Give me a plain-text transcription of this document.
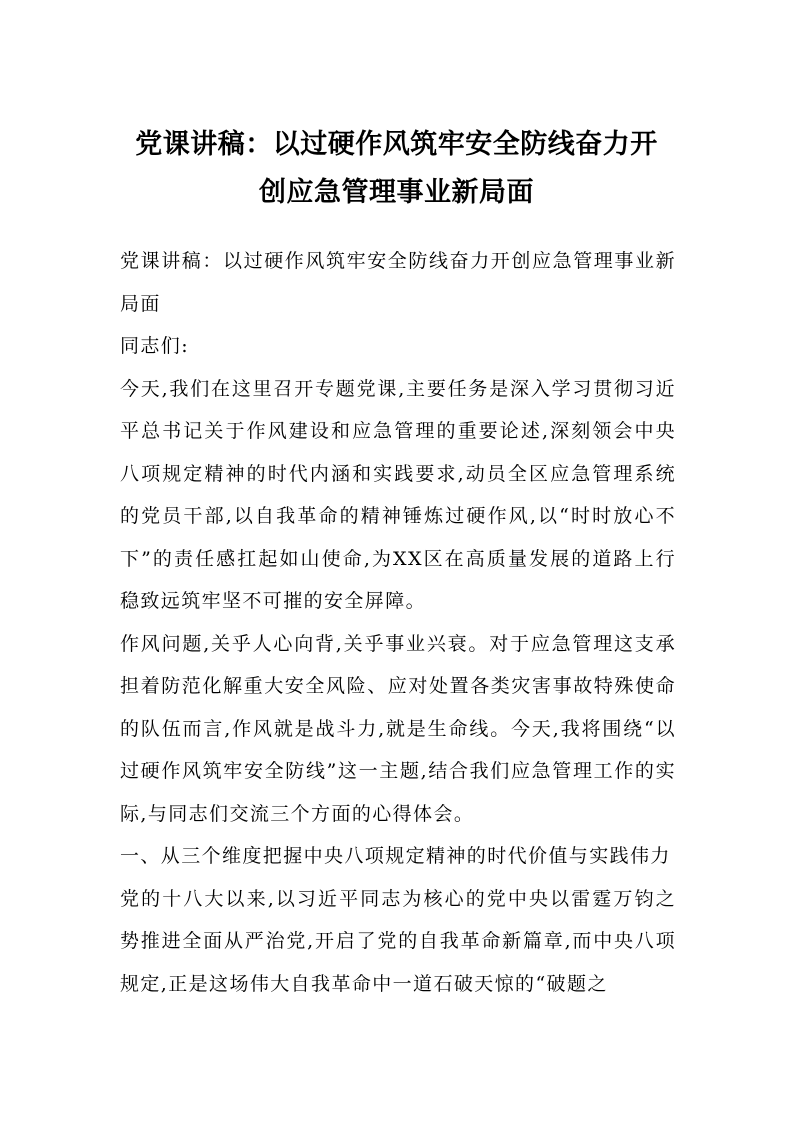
党课讲稿：以过硬作风筑牢安全防线奋力开
创应急管理事业新局面

党课讲稿：以过硬作风筑牢安全防线奋力开创应急管理事业新局面

同志们:

今天,我们在这里召开专题党课,主要任务是深入学习贯彻习近平总书记关于作风建设和应急管理的重要论述,深刻领会中央八项规定精神的时代内涵和实践要求,动员全区应急管理系统的党员干部,以自我革命的精神锤炼过硬作风,以“时时放心不下”的责任感扛起如山使命,为XX区在高质量发展的道路上行稳致远筑牢坚不可摧的安全屏障。

作风问题,关乎人心向背,关乎事业兴衰。对于应急管理这支承担着防范化解重大安全风险、应对处置各类灾害事故特殊使命的队伍而言,作风就是战斗力,就是生命线。今天,我将围绕“以过硬作风筑牢安全防线”这一主题,结合我们应急管理工作的实际,与同志们交流三个方面的心得体会。

一、从三个维度把握中央八项规定精神的时代价值与实践伟力

党的十八大以来,以习近平同志为核心的党中央以雷霆万钧之势推进全面从严治党,开启了党的自我革命新篇章,而中央八项规定,正是这场伟大自我革命中一道石破天惊的“破题之
